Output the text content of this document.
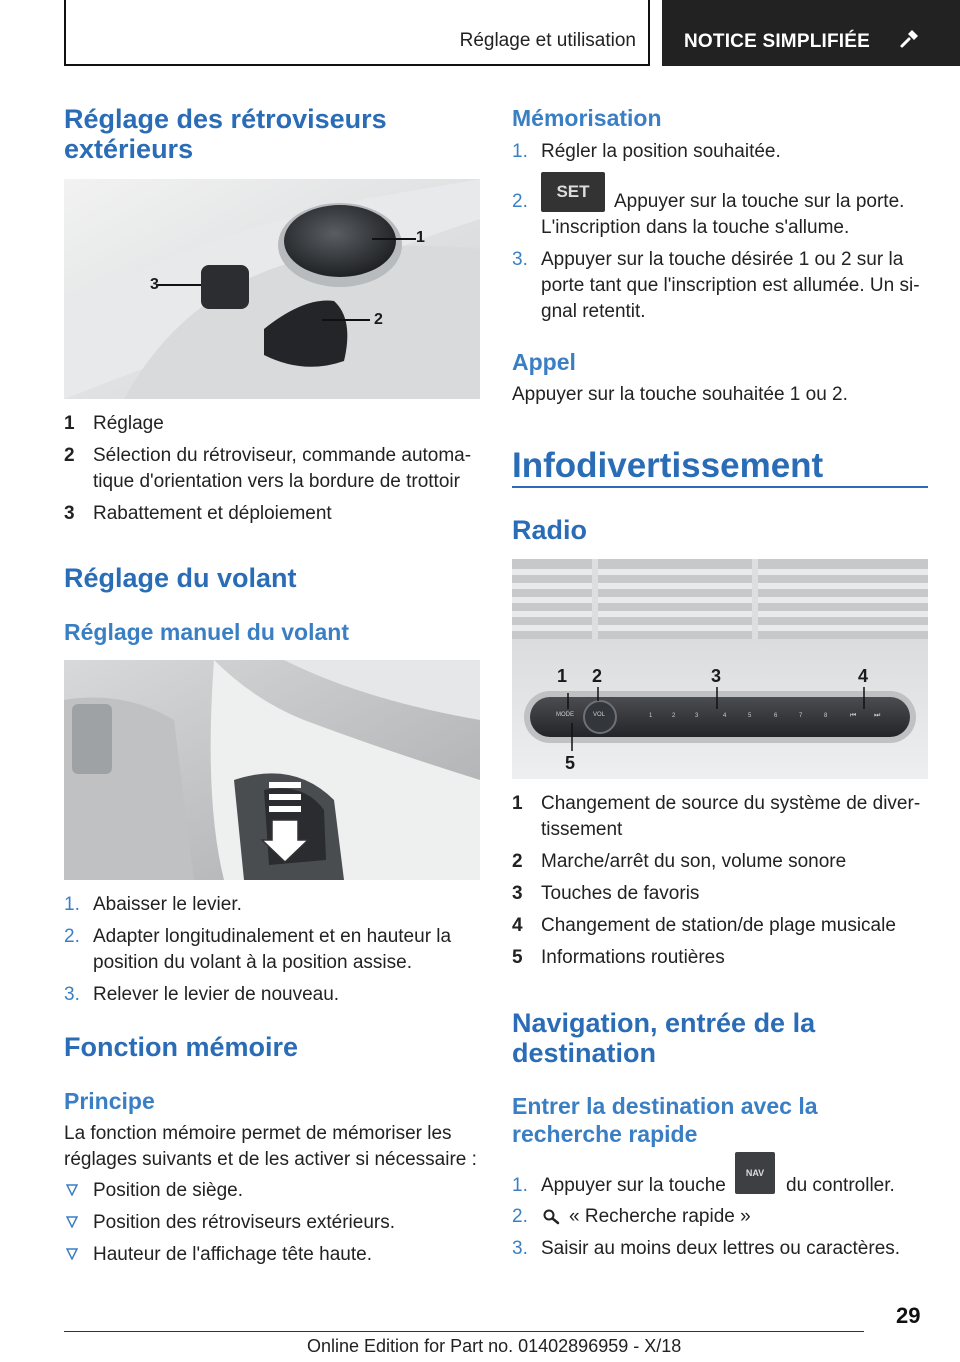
Réglage et utilisation	NOTICE SIMPLIFIÉE
Réglage des rétroviseurs extérieurs
1
2
3
1 Réglage
2 Sélection du rétroviseur, commande automa-tique d'orientation vers la bordure de trottoir
3 Rabattement et déploiement
Réglage du volant
Réglage manuel du volant
1. Abaisser le levier.
2. Adapter longitudinalement et en hauteur la position du volant à la position assise.
3. Relever le levier de nouveau.
Fonction mémoire
Principe
La fonction mémoire permet de mémoriser les réglages suivants et de les activer si nécessaire :
Position de siège.
Position des rétroviseurs extérieurs.
Hauteur de l'affichage tête haute.
Mémorisation
1. Régler la position souhaitée.
2.	SET	Appuyer sur la touche sur la porte.
L'inscription dans la touche s'allume.
3. Appuyer sur la touche désirée 1 ou 2 sur la porte tant que l'inscription est allumée. Un si-gnal retentit.
Appel
Appuyer sur la touche souhaitée 1 ou 2.
Infodivertissement
Radio
1 2	3	4
5
MODE	VOL	1	2	3	4	5	6	7	8	⏮	⏭
1 Changement de source du système de diver-tissement
2 Marche/arrêt du son, volume sonore
3 Touches de favoris
4 Changement de station/de plage musicale
5 Informations routières
Navigation, entrée de la destination
Entrer la destination avec la recherche rapide
1. Appuyer sur la touche
NAV
du controller.
2. « Recherche rapide »
3. Saisir au moins deux lettres ou caractères.
29
Online Edition for Part no. 01402896959 - X/18
